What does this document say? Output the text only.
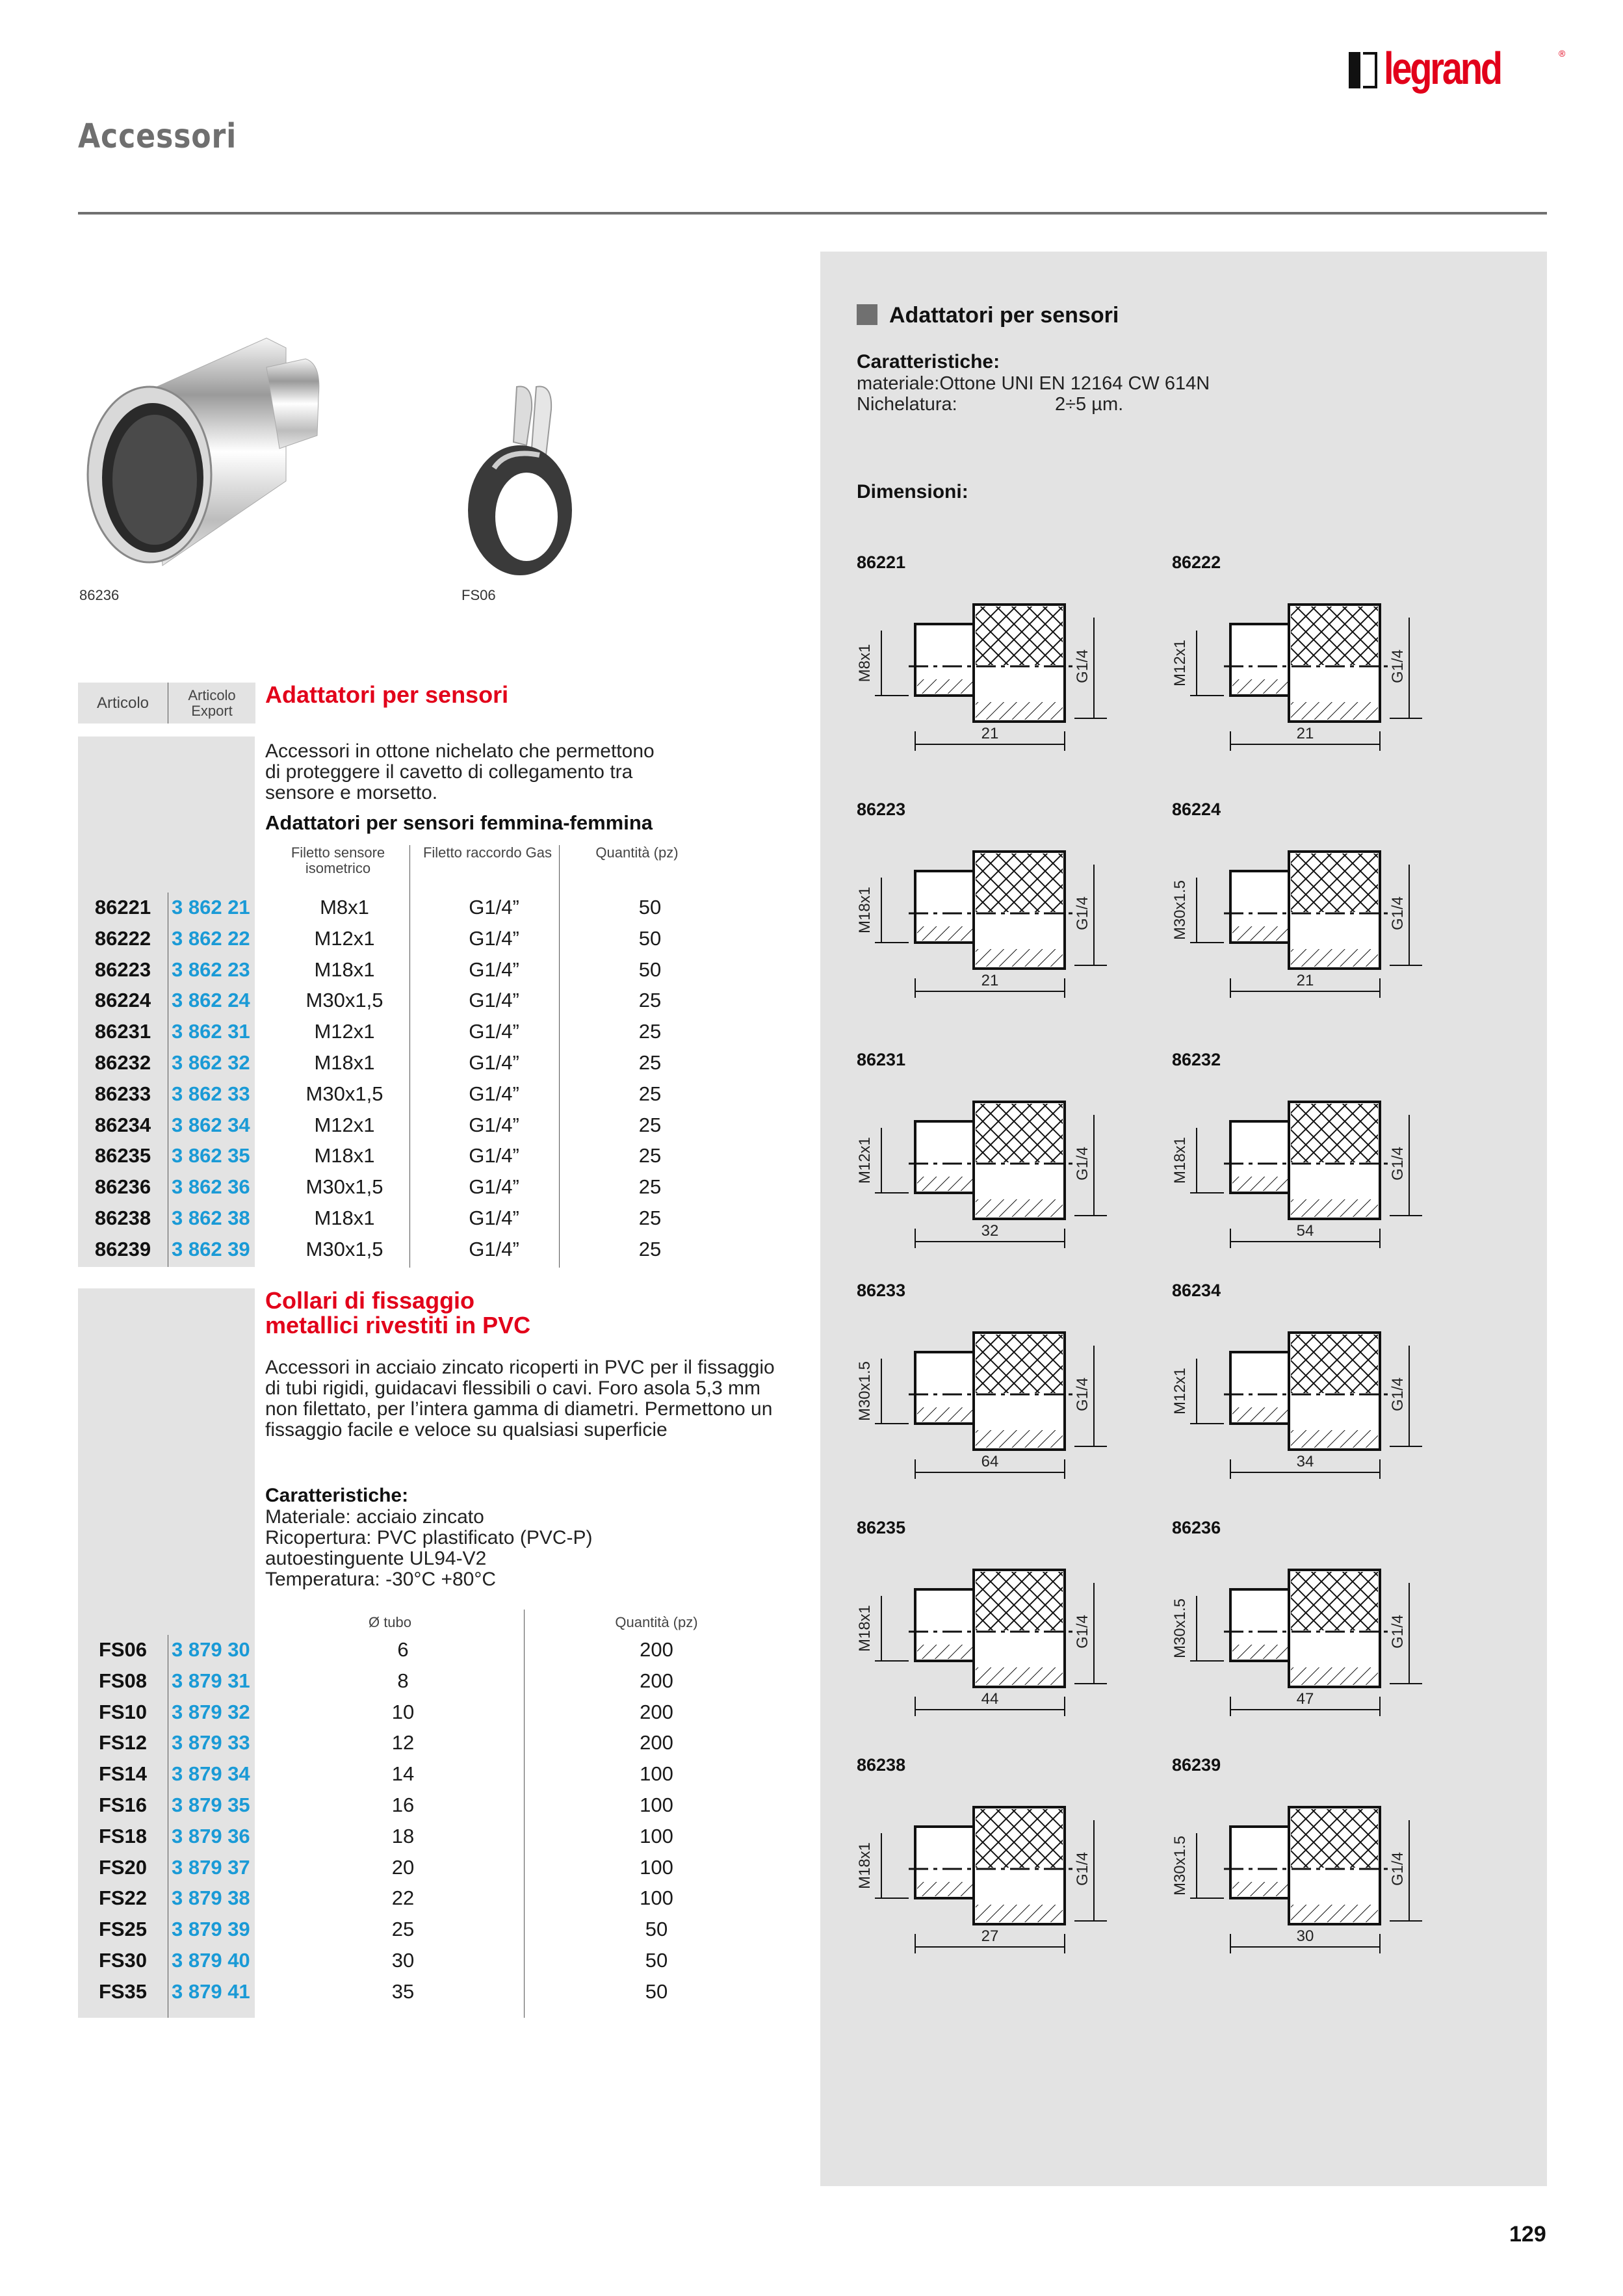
legrand	®
Accessori
86236	FS06
Articolo	Articolo Export
Adattatori per sensori
Accessori in ottone nichelato che permettono di proteggere il cavetto di collegamento tra sensore e morsetto.
Adattatori per sensori femmina-femmina
Filetto sensore isometrico
Filetto raccordo Gas	Quantità (pz)
86221	3 862 21	M8x1	G1/4”	50
86222	3 862 22	M12x1	G1/4”	50
86223	3 862 23	M18x1	G1/4”	50
86224	3 862 24	M30x1,5	G1/4”	25
86231	3 862 31	M12x1	G1/4”	25
86232	3 862 32	M18x1	G1/4”	25
86233	3 862 33	M30x1,5	G1/4”	25
86234	3 862 34	M12x1	G1/4”	25
86235	3 862 35	M18x1	G1/4”	25
86236	3 862 36	M30x1,5	G1/4”	25
86238	3 862 38	M18x1	G1/4”	25
86239	3 862 39	M30x1,5	G1/4”	25
Collari di fissaggio
metallici rivestiti in PVC
Accessori in acciaio zincato ricoperti in PVC per il fissaggio di tubi rigidi, guidacavi flessibili o cavi. Foro asola 5,3 mm non filettato, per l’intera gamma di diametri. Permettono un fissaggio facile e veloce su qualsiasi superficie
Caratteristiche:
Materiale: acciaio zincato
Ricopertura: PVC plastificato (PVC-P)
autoestinguente UL94-V2
Temperatura: -30°C +80°C
Ø tubo	Quantità (pz)
FS06	3 879 30	6	200
FS08	3 879 31	8	200
FS10	3 879 32	10	200
FS12	3 879 33	12	200
FS14	3 879 34	14	100
FS16	3 879 35	16	100
FS18	3 879 36	18	100
FS20	3 879 37	20	100
FS22	3 879 38	22	100
FS25	3 879 39	25	50
FS30	3 879 40	30	50
FS35	3 879 41	35	50
Adattatori per sensori
Caratteristiche:
materiale:Ottone UNI EN 12164 CW 614N
Nichelatura:	2÷5 µm.
Dimensioni:
86221
21
M8x1	G1/4
86222
21
M12x1	G1/4
86223
21
M18x1	G1/4
86224
21
M30x1.5	G1/4
86231
32
M12x1	G1/4
86232
54
M18x1	G1/4
86233
64
M30x1.5	G1/4
86234
34
M12x1	G1/4
86235
44
M18x1	G1/4
86236
47
M30x1.5	G1/4
86238
27
M18x1	G1/4
86239
30
M30x1.5	G1/4
129
